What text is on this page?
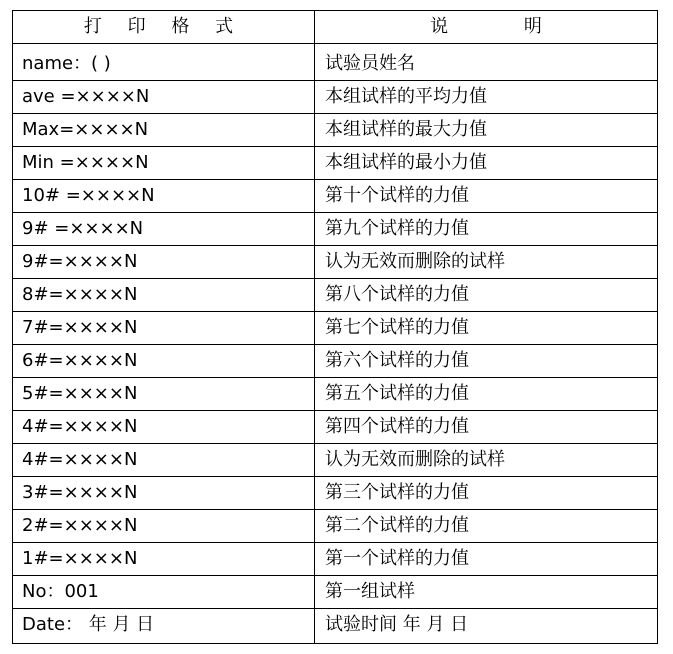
打 印 格 式	说 明
name：( )	试验员姓名
ave =××××N	本组试样的平均力值
Max=××××N	本组试样的最大力值
Min =××××N	本组试样的最小力值
10# =××××N	第十个试样的力值
9# =××××N	第九个试样的力值
9#=××××N	认为无效而删除的试样
8#=××××N	第八个试样的力值
7#=××××N	第七个试样的力值
6#=××××N	第六个试样的力值
5#=××××N	第五个试样的力值
4#=××××N	第四个试样的力值
4#=××××N	认为无效而删除的试样
3#=××××N	第三个试样的力值
2#=××××N	第二个试样的力值
1#=××××N	第一个试样的力值
No：001	第一组试样
Date： 年 月 日	试验时间 年 月 日
